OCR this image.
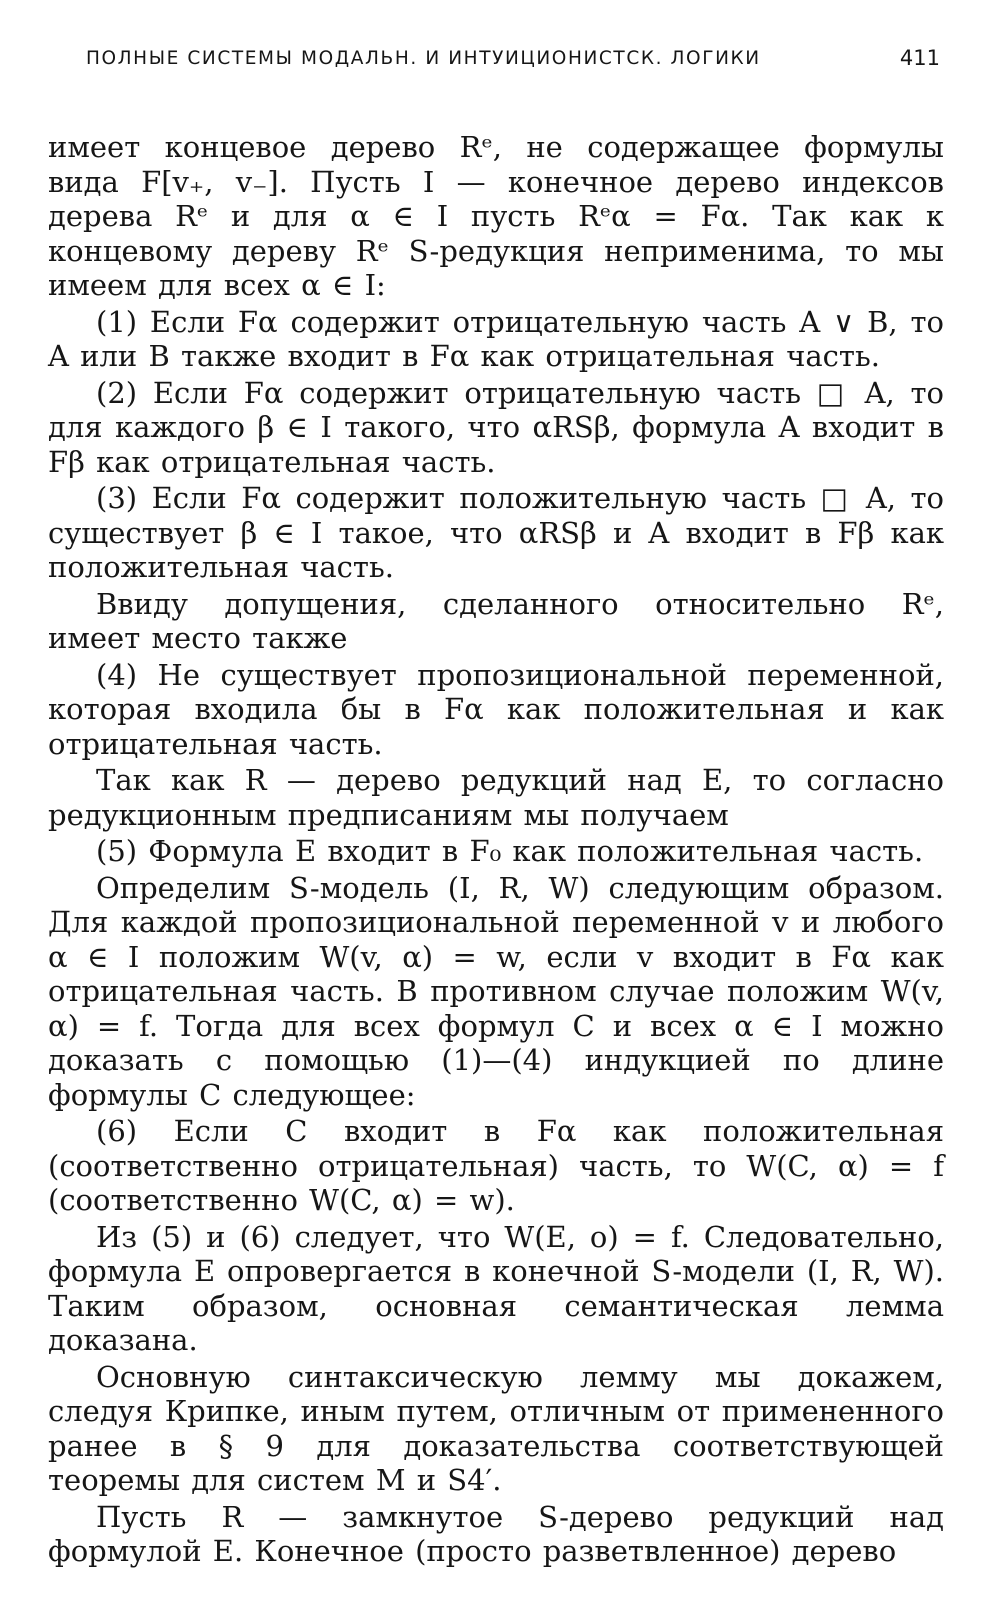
ПОЛНЫЕ СИСТЕМЫ МОДАЛЬН. И ИНТУИЦИОНИСТСК. ЛОГИКИ	411

имеет концевое дерево Rᵉ, не содержащее формулы вида F[v₊, v₋]. Пусть I — конечное дерево индексов дерева Rᵉ и для α ∈ I пусть Rᵉα = Fα. Так как к концевому дереву Rᵉ S-редукция неприменима, то мы имеем для всех α ∈ I:

(1) Если Fα содержит отрицательную часть A ∨ B, то A или B также входит в Fα как отрицательная часть.

(2) Если Fα содержит отрицательную часть □ A, то для каждого β ∈ I такого, что αRSβ, формула A входит в Fβ как отрицательная часть.

(3) Если Fα содержит положительную часть □ A, то существует β ∈ I такое, что αRSβ и A входит в Fβ как положительная часть.

Ввиду допущения, сделанного относительно Rᵉ, имеет место также

(4) Не существует пропозициональной переменной, которая входила бы в Fα как положительная и как отрицательная часть.

Так как R — дерево редукций над E, то согласно редукционным предписаниям мы получаем

(5) Формула E входит в F₀ как положительная часть.

Определим S-модель (I, R, W) следующим образом. Для каждой пропозициональной переменной v и любого α ∈ I положим W(v, α) = w, если v входит в Fα как отрицательная часть. В противном случае положим W(v, α) = f. Тогда для всех формул C и всех α ∈ I можно доказать с помощью (1)—(4) индукцией по длине формулы C следующее:

(6) Если C входит в Fα как положительная (соответственно отрицательная) часть, то W(C, α) = f (соответственно W(C, α) = w).

Из (5) и (6) следует, что W(E, o) = f. Следовательно, формула E опровергается в конечной S-модели (I, R, W). Таким образом, основная семантическая лемма доказана.

Основную синтаксическую лемму мы докажем, следуя Крипке, иным путем, отличным от примененного ранее в § 9 для доказательства соответствующей теоремы для систем M и S4′.

Пусть R — замкнутое S-дерево редукций над формулой E. Конечное (просто разветвленное) дерево
